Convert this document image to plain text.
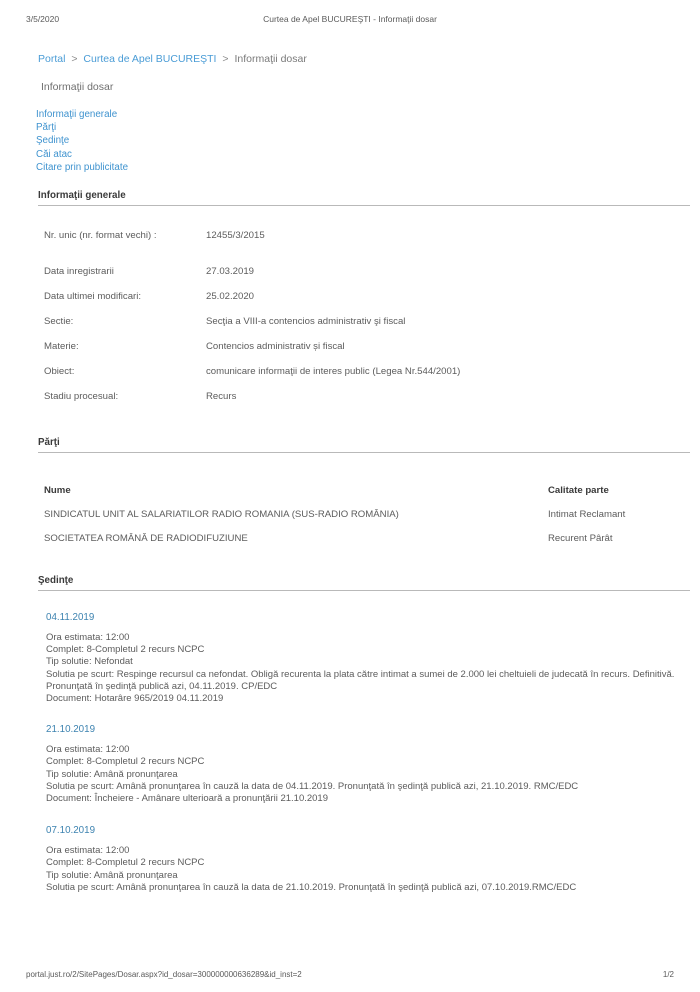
3/5/2020	Curtea de Apel BUCUREŞTI - Informaţii dosar
Portal > Curtea de Apel BUCUREŞTI > Informaţii dosar
Informaţii dosar
Informaţii generale
Părţi
Şedinţe
Căi atac
Citare prin publicitate
Informaţii generale
Nr. unic (nr. format vechi) :	12455/3/2015
Data inregistrarii	27.03.2019
Data ultimei modificari:	25.02.2020
Sectie:	Secţia a VIII-a contencios administrativ şi fiscal
Materie:	Contencios administrativ și fiscal
Obiect:	comunicare informaţii de interes public (Legea Nr.544/2001)
Stadiu procesual:	Recurs
Părţi
Nume	Calitate parte
SINDICATUL UNIT AL SALARIATILOR RADIO ROMANIA (SUS-RADIO ROMÂNIA)	Intimat Reclamant
SOCIETATEA ROMÂNĂ DE RADIODIFUZIUNE	Recurent Pârât
Şedinţe
04.11.2019
Ora estimata: 12:00
Complet: 8-Completul 2 recurs NCPC
Tip solutie: Nefondat
Solutia pe scurt: Respinge recursul ca nefondat. Obligă recurenta la plata către intimat a sumei de 2.000 lei cheltuieli de judecată în recurs. Definitivă. Pronunţată în şedinţă publică azi, 04.11.2019. CP/EDC
Document: Hotarâre 965/2019 04.11.2019
21.10.2019
Ora estimata: 12:00
Complet: 8-Completul 2 recurs NCPC
Tip solutie: Amână pronunţarea
Solutia pe scurt: Amână pronunţarea în cauză la data de 04.11.2019. Pronunţată în şedinţă publică azi, 21.10.2019. RMC/EDC
Document: Încheiere - Amânare ulterioară a pronunţării 21.10.2019
07.10.2019
Ora estimata: 12:00
Complet: 8-Completul 2 recurs NCPC
Tip solutie: Amână pronunţarea
Solutia pe scurt: Amână pronunţarea în cauză la data de 21.10.2019. Pronunţată în şedinţă publică azi, 07.10.2019.RMC/EDC
portal.just.ro/2/SitePages/Dosar.aspx?id_dosar=300000000636289&id_inst=2	1/2
